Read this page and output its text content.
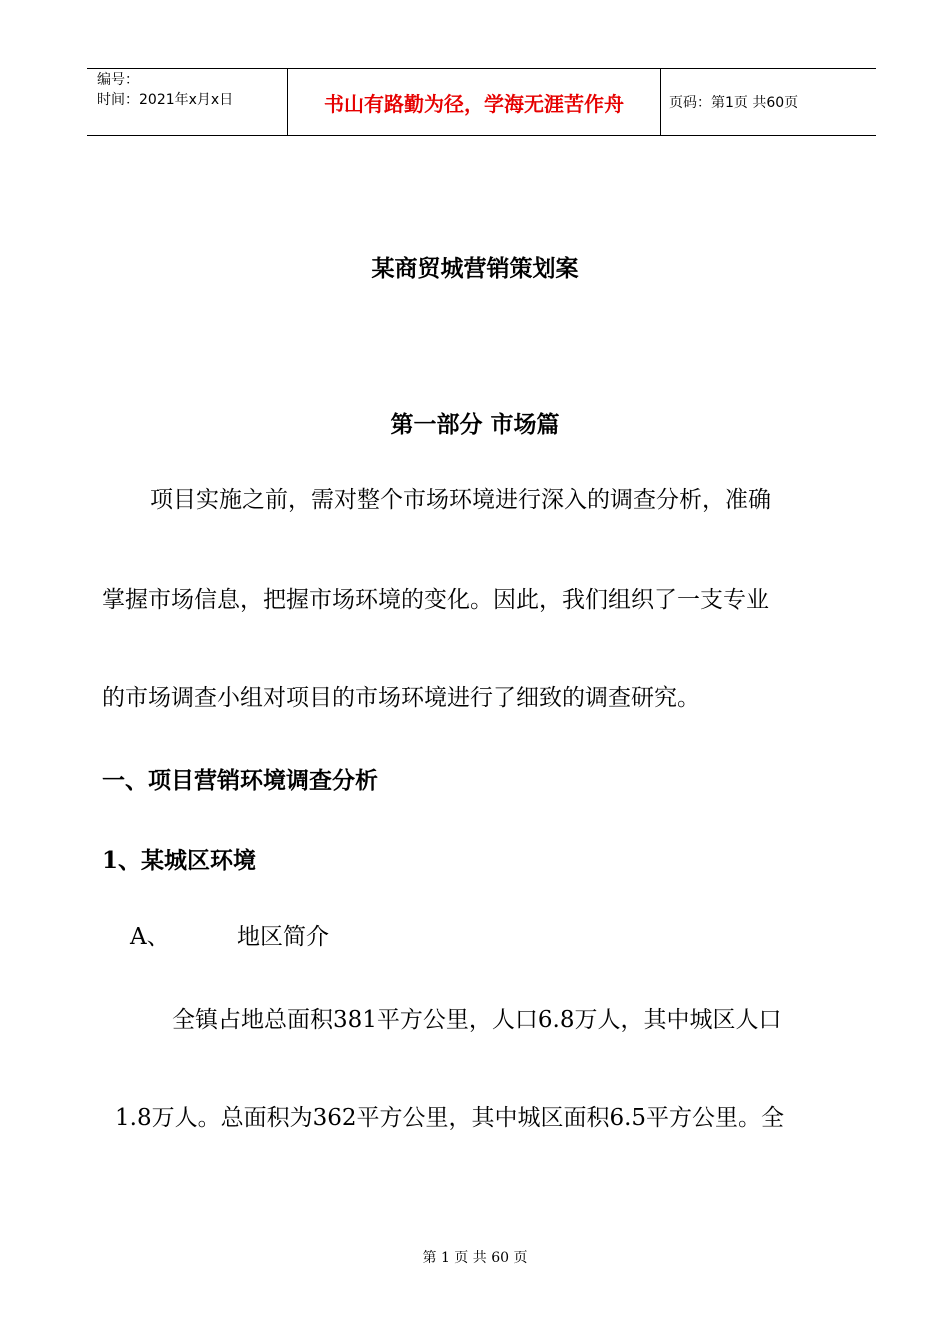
编号：
时间：2021年x月x日	书山有路勤为径，学海无涯苦作舟	页码：第1页 共60页
某商贸城营销策划案
第一部分 市场篇
项目实施之前，需对整个市场环境进行深入的调查分析，准确
掌握市场信息，把握市场环境的变化。因此，我们组织了一支专业
的市场调查小组对项目的市场环境进行了细致的调查研究。
一、项目营销环境调查分析
1、某城区环境
A、	地区简介
全镇占地总面积381平方公里，人口6.8万人，其中城区人口
1.8万人。总面积为362平方公里，其中城区面积6.5平方公里。全
第 1 页 共 60 页
